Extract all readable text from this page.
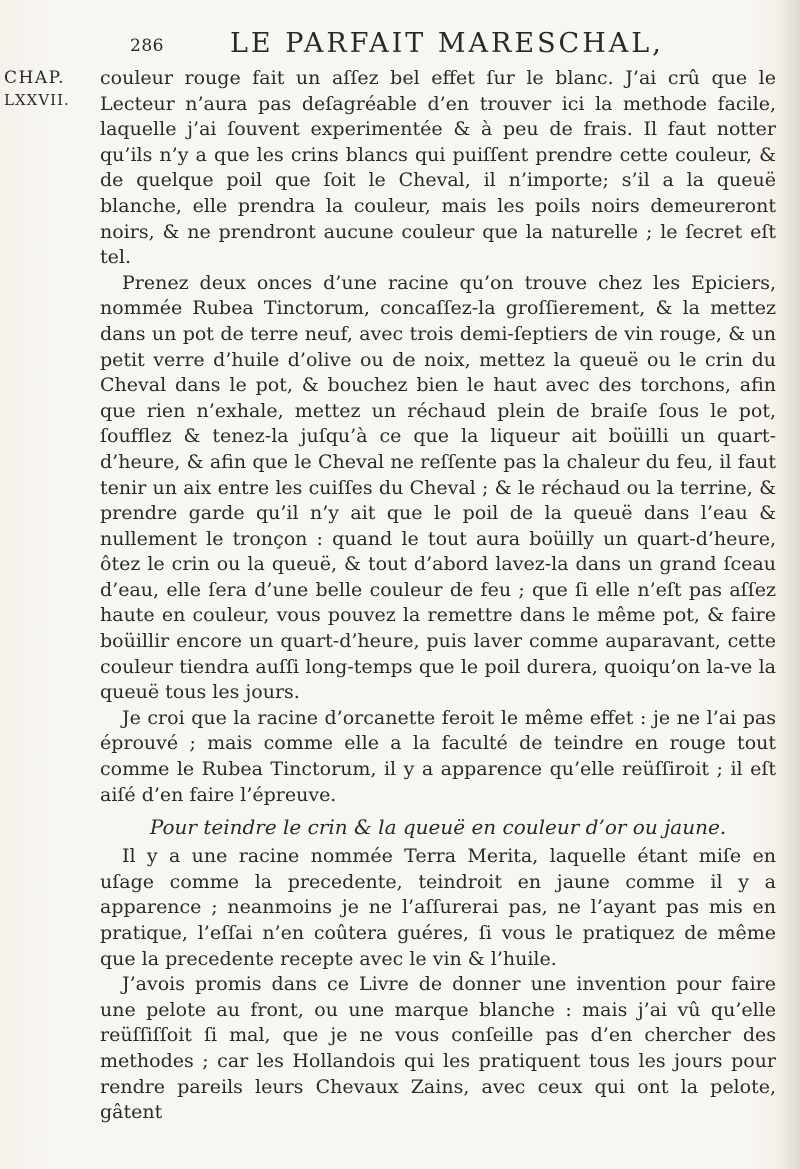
286 LE PARFAIT MARESCHAL,
CHAP.
LXXVII.

couleur rouge fait un aſſez bel effet ſur le blanc. J’ai crû que le Lecteur n’aura pas deſagréable d’en trouver ici la methode facile, laquelle j’ai ſouvent experimentée & à peu de frais. Il faut notter qu’ils n’y a que les crins blancs qui puiſſent prendre cette couleur, & de quelque poil que ſoit le Cheval, il n’importe; s’il a la queuë blanche, elle prendra la couleur, mais les poils noirs demeureront noirs, & ne prendront aucune couleur que la naturelle ; le ſecret eſt tel.

Prenez deux onces d’une racine qu’on trouve chez les Epiciers, nommée Rubea Tinctorum, concaſſez-la groſſierement, & la mettez dans un pot de terre neuf, avec trois demi-ſeptiers de vin rouge, & un petit verre d’huile d’olive ou de noix, mettez la queuë ou le crin du Cheval dans le pot, & bouchez bien le haut avec des torchons, afin que rien n’exhale, mettez un réchaud plein de braiſe ſous le pot, ſoufflez & tenez-la juſqu’à ce que la liqueur ait boüilli un quart-d’heure, & afin que le Cheval ne reſſente pas la chaleur du feu, il faut tenir un aix entre les cuiſſes du Cheval ; & le réchaud ou la terrine, & prendre garde qu’il n’y ait que le poil de la queuë dans l’eau & nullement le tronçon : quand le tout aura boüilly un quart-d’heure, ôtez le crin ou la queuë, & tout d’abord lavez-la dans un grand ſceau d’eau, elle ſera d’une belle couleur de feu ; que ſi elle n’eſt pas aſſez haute en couleur, vous pouvez la remettre dans le même pot, & faire boüillir encore un quart-d’heure, puis laver comme auparavant, cette couleur tiendra auſſi long-temps que le poil durera, quoiqu’on la-ve la queuë tous les jours.

Je croi que la racine d’orcanette feroit le même effet : je ne l’ai pas éprouvé ; mais comme elle a la faculté de teindre en rouge tout comme le Rubea Tinctorum, il y a apparence qu’elle reüſſiroit ; il eſt aiſé d’en faire l’épreuve.

Pour teindre le crin & la queuë en couleur d’or ou jaune.

Il y a une racine nommée Terra Merita, laquelle étant miſe en uſage comme la precedente, teindroit en jaune comme il y a apparence ; neanmoins je ne l’aſſurerai pas, ne l’ayant pas mis en pratique, l’eſſai n’en coûtera guéres, ſi vous le pratiquez de même que la precedente recepte avec le vin & l’huile.

J’avois promis dans ce Livre de donner une invention pour faire une pelote au front, ou une marque blanche : mais j’ai vû qu’elle reüſſiſſoit ſi mal, que je ne vous conſeille pas d’en chercher des methodes ; car les Hollandois qui les pratiquent tous les jours pour rendre pareils leurs Chevaux Zains, avec ceux qui ont la pelote, gâtent
